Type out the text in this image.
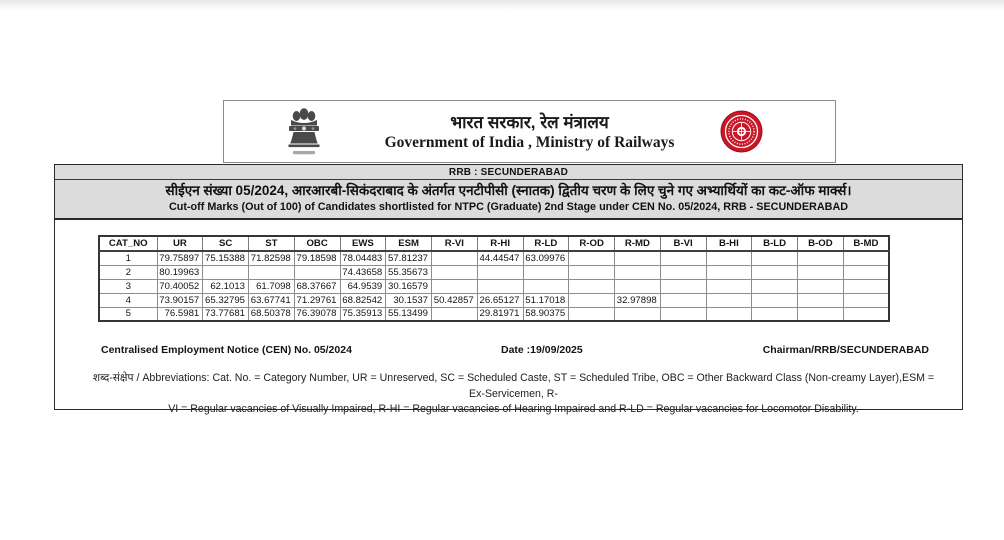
भारत सरकार, रेल मंत्रालय
Government of India , Ministry of Railways
RRB : SECUNDERABAD
सीईएन संख्या 05/2024, आरआरबी-सिकंदराबाद के अंतर्गत एनटीपीसी (स्नातक) द्वितीय चरण के लिए चुने गए अभ्यार्थियों का कट-ऑफ मार्क्स।
Cut-off Marks (Out of 100) of Candidates shortlisted for NTPC (Graduate) 2nd Stage under CEN No. 05/2024, RRB - SECUNDERABAD
CAT_NO	UR	SC	ST	OBC	EWS	ESM	R-VI	R-HI	R-LD	R-OD	R-MD	B-VI	B-HI	B-LD	B-OD	B-MD
1	79.75897	75.15388	71.82598	79.18598	78.04483	57.81237		44.44547	63.09976							
2	80.19963				74.43658	55.35673										
3	70.40052	62.1013	61.7098	68.37667	64.9539	30.16579										
4	73.90157	65.32795	63.67741	71.29761	68.82542	30.1537	50.42857	26.65127	51.17018		32.97898					
5	76.5981	73.77681	68.50378	76.39078	75.35913	55.13499		29.81971	58.90375							
Centralised Employment Notice (CEN) No. 05/2024	Date :19/09/2025	Chairman/RRB/SECUNDERABAD
शब्द-संक्षेप / Abbreviations: Cat. No. = Category Number, UR = Unreserved, SC = Scheduled Caste, ST = Scheduled Tribe, OBC = Other Backward Class (Non-creamy Layer),ESM = Ex-Servicemen, R-
VI = Regular vacancies of Visually Impaired, R-HI = Regular vacancies of Hearing Impaired and R-LD = Regular vacancies for Locomotor Disability.
